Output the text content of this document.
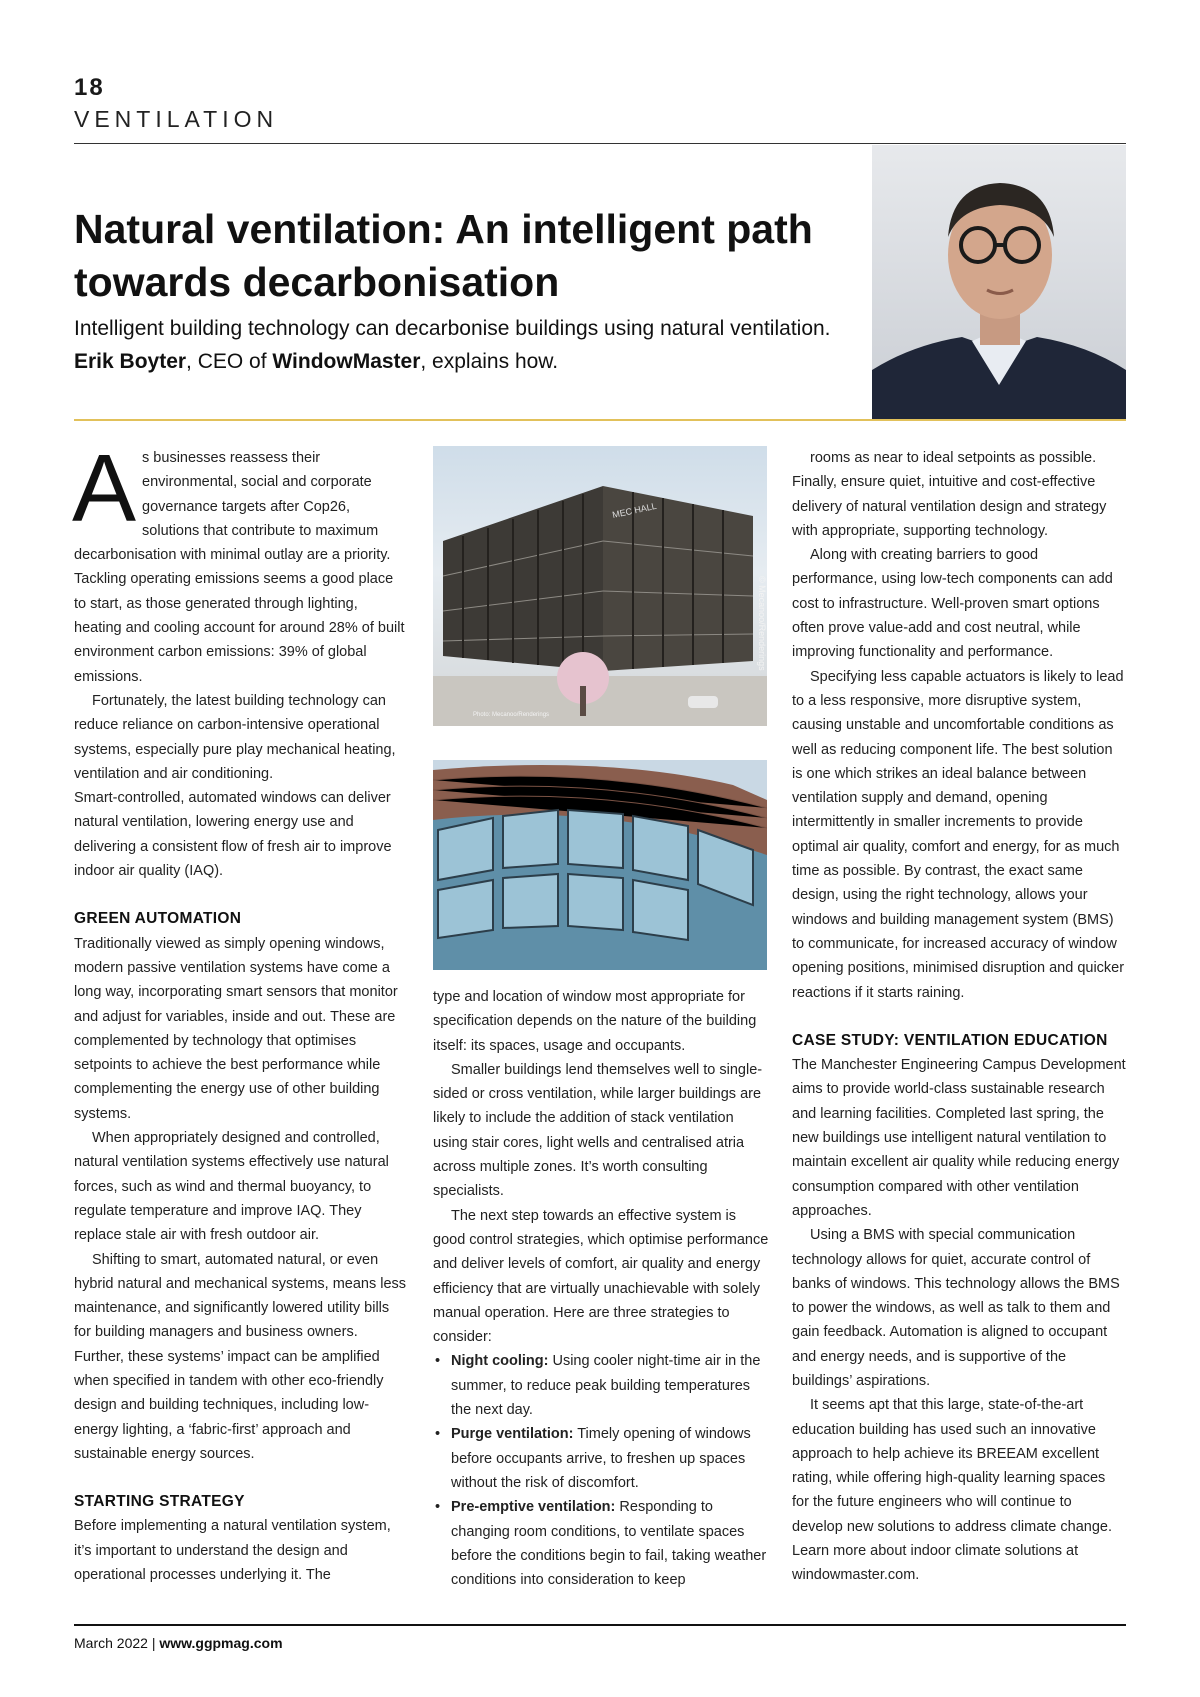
18
VENTILATION
Natural ventilation: An intelligent path towards decarbonisation
Intelligent building technology can decarbonise buildings using natural ventilation. Erik Boyter, CEO of WindowMaster, explains how.

As businesses reassess their environmental, social and corporate governance targets after Cop26, solutions that contribute to maximum decarbonisation with minimal outlay are a priority. Tackling operating emissions seems a good place to start, as those generated through lighting, heating and cooling account for around 28% of built environment carbon emissions: 39% of global emissions.

Fortunately, the latest building technology can reduce reliance on carbon-intensive operational systems, especially pure play mechanical heating, ventilation and air conditioning.

Smart-controlled, automated windows can deliver natural ventilation, lowering energy use and delivering a consistent flow of fresh air to improve indoor air quality (IAQ).

GREEN AUTOMATION

Traditionally viewed as simply opening windows, modern passive ventilation systems have come a long way, incorporating smart sensors that monitor and adjust for variables, inside and out. These are complemented by technology that optimises setpoints to achieve the best performance while complementing the energy use of other building systems.

When appropriately designed and controlled, natural ventilation systems effectively use natural forces, such as wind and thermal buoyancy, to regulate temperature and improve IAQ. They replace stale air with fresh outdoor air.

Shifting to smart, automated natural, or even hybrid natural and mechanical systems, means less maintenance, and significantly lowered utility bills for building managers and business owners. Further, these systems’ impact can be amplified when specified in tandem with other eco-friendly design and building techniques, including low-energy lighting, a ‘fabric-first’ approach and sustainable energy sources.

STARTING STRATEGY

Before implementing a natural ventilation system, it’s important to understand the design and operational processes underlying it. The

MEC HALL
Photo: Mecanoo/Renderings
© Mecanoo/Renderings

type and location of window most appropriate for specification depends on the nature of the building itself: its spaces, usage and occupants.

Smaller buildings lend themselves well to single-sided or cross ventilation, while larger buildings are likely to include the addition of stack ventilation using stair cores, light wells and centralised atria across multiple zones. It’s worth consulting specialists.

The next step towards an effective system is good control strategies, which optimise performance and deliver levels of comfort, air quality and energy efficiency that are virtually unachievable with solely manual operation. Here are three strategies to consider:

• Night cooling: Using cooler night-time air in the summer, to reduce peak building temperatures the next day.
• Purge ventilation: Timely opening of windows before occupants arrive, to freshen up spaces without the risk of discomfort.
• Pre-emptive ventilation: Responding to changing room conditions, to ventilate spaces before the conditions begin to fail, taking weather conditions into consideration to keep

rooms as near to ideal setpoints as possible. Finally, ensure quiet, intuitive and cost-effective delivery of natural ventilation design and strategy with appropriate, supporting technology.

Along with creating barriers to good performance, using low-tech components can add cost to infrastructure. Well-proven smart options often prove value-add and cost neutral, while improving functionality and performance.

Specifying less capable actuators is likely to lead to a less responsive, more disruptive system, causing unstable and uncomfortable conditions as well as reducing component life. The best solution is one which strikes an ideal balance between ventilation supply and demand, opening intermittently in smaller increments to provide optimal air quality, comfort and energy, for as much time as possible. By contrast, the exact same design, using the right technology, allows your windows and building management system (BMS) to communicate, for increased accuracy of window opening positions, minimised disruption and quicker reactions if it starts raining.

CASE STUDY: VENTILATION EDUCATION

The Manchester Engineering Campus Development aims to provide world-class sustainable research and learning facilities. Completed last spring, the new buildings use intelligent natural ventilation to maintain excellent air quality while reducing energy consumption compared with other ventilation approaches.

Using a BMS with special communication technology allows for quiet, accurate control of banks of windows. This technology allows the BMS to power the windows, as well as talk to them and gain feedback. Automation is aligned to occupant and energy needs, and is supportive of the buildings’ aspirations.

It seems apt that this large, state-of-the-art education building has used such an innovative approach to help achieve its BREEAM excellent rating, while offering high-quality learning spaces for the future engineers who will continue to develop new solutions to address climate change. Learn more about indoor climate solutions at windowmaster.com.

March 2022 | www.ggpmag.com
